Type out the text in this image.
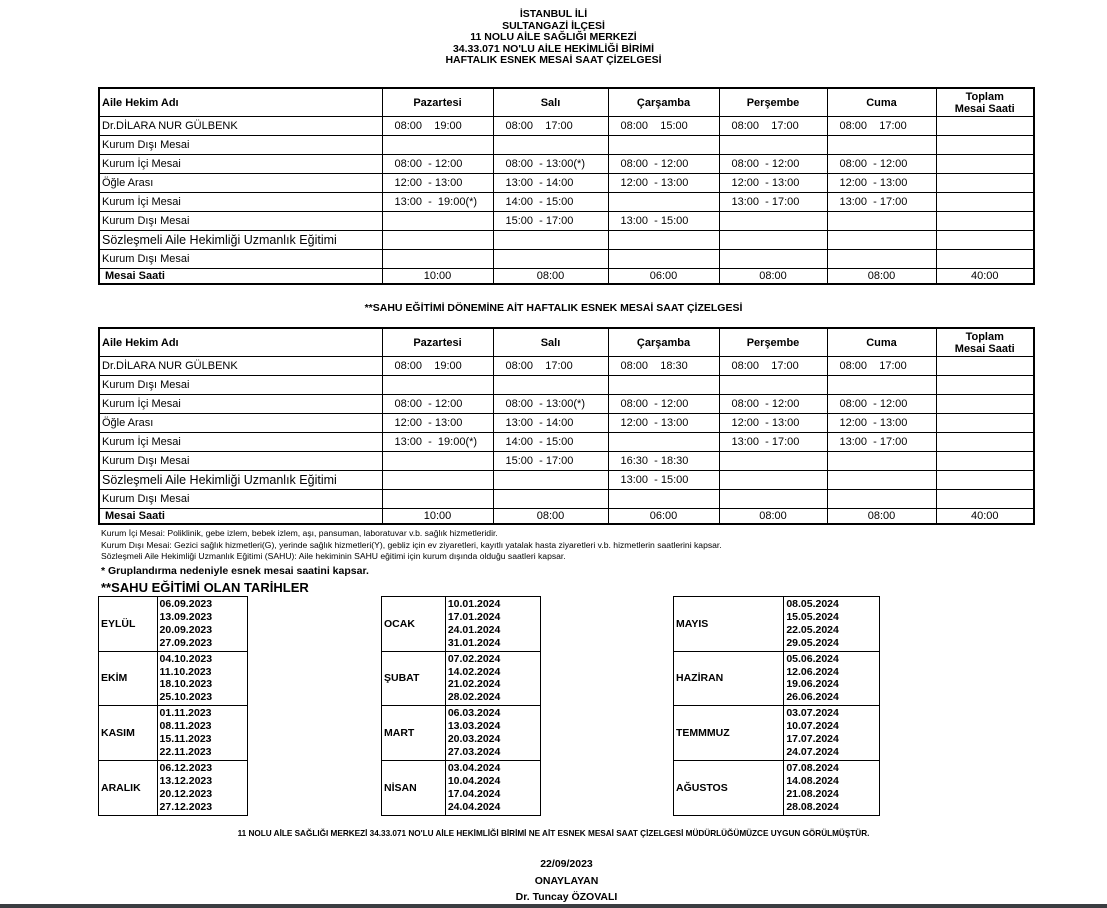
İSTANBUL İLİ
SULTANGAZİ İLÇESİ
11 NOLU AİLE SAĞLIĞI MERKEZİ
34.33.071 NO'LU AİLE HEKİMLİĞİ BİRİMİ
HAFTALIK ESNEK MESAİ SAAT ÇİZELGESİ
Aile Hekim Adı	Pazartesi	Salı	Çarşamba	Perşembe	Cuma	Toplam
Mesai Saati

Dr.DİLARA NUR GÜLBENK	08:00    19:00	08:00    17:00	08:00    15:00	08:00    17:00	08:00    17:00	
Kurum Dışı Mesai						
Kurum İçi Mesai	08:00  - 12:00	08:00  - 13:00(*)	08:00  - 12:00	08:00  - 12:00	08:00  - 12:00	
Öğle Arası	12:00  - 13:00	13:00  - 14:00	12:00  - 13:00	12:00  - 13:00	12:00  - 13:00	
Kurum İçi Mesai	13:00  -  19:00(*)	14:00  - 15:00		13:00  - 17:00	13:00  - 17:00	
Kurum Dışı Mesai		15:00  - 17:00	13:00  - 15:00			
Sözleşmeli Aile Hekimliği Uzmanlık Eğitimi						
Kurum Dışı Mesai						
Mesai Saati	10:00	08:00	06:00	08:00	08:00	40:00
**SAHU EĞİTİMİ DÖNEMİNE AİT HAFTALIK ESNEK MESAİ SAAT ÇİZELGESİ
Aile Hekim Adı	Pazartesi	Salı	Çarşamba	Perşembe	Cuma	Toplam
Mesai Saati

Dr.DİLARA NUR GÜLBENK	08:00    19:00	08:00    17:00	08:00    18:30	08:00    17:00	08:00    17:00	
Kurum Dışı Mesai						
Kurum İçi Mesai	08:00  - 12:00	08:00  - 13:00(*)	08:00  - 12:00	08:00  - 12:00	08:00  - 12:00	
Öğle Arası	12:00  - 13:00	13:00  - 14:00	12:00  - 13:00	12:00  - 13:00	12:00  - 13:00	
Kurum İçi Mesai	13:00  -  19:00(*)	14:00  - 15:00		13:00  - 17:00	13:00  - 17:00	
Kurum Dışı Mesai		15:00  - 17:00	16:30  - 18:30			
Sözleşmeli Aile Hekimliği Uzmanlık Eğitimi			13:00  - 15:00			
Kurum Dışı Mesai						
Mesai Saati	10:00	08:00	06:00	08:00	08:00	40:00
Kurum İçi Mesai: Poliklinik, gebe izlem, bebek izlem, aşı, pansuman, laboratuvar v.b. sağlık hizmetleridir.
Kurum Dışı Mesai: Gezici sağlık hizmetleri(G), yerinde sağlık hizmetleri(Y), gebliz için ev ziyaretleri, kayıtlı yatalak hasta ziyaretleri v.b. hizmetlerin saatlerini kapsar.
Sözleşmeli Aile Hekimliği Uzmanlık Eğitimi (SAHU): Aile hekiminin SAHU eğitimi için kurum dışında olduğu saatleri kapsar.
* Gruplandırma nedeniyle esnek mesai saatini kapsar.
**SAHU EĞİTİMİ OLAN TARİHLER
EYLÜL	06.09.2023
13.09.2023
20.09.2023
27.09.2023

EKİM	04.10.2023
11.10.2023
18.10.2023
25.10.2023

KASIM	01.11.2023
08.11.2023
15.11.2023
22.11.2023

ARALIK	06.12.2023
13.12.2023
20.12.2023
27.12.2023
OCAK	10.01.2024
17.01.2024
24.01.2024
31.01.2024

ŞUBAT	07.02.2024
14.02.2024
21.02.2024
28.02.2024

MART	06.03.2024
13.03.2024
20.03.2024
27.03.2024

NİSAN	03.04.2024
10.04.2024
17.04.2024
24.04.2024
MAYIS	08.05.2024
15.05.2024
22.05.2024
29.05.2024

HAZİRAN	05.06.2024
12.06.2024
19.06.2024
26.06.2024

TEMMMUZ	03.07.2024
10.07.2024
17.07.2024
24.07.2024

AĞUSTOS	07.08.2024
14.08.2024
21.08.2024
28.08.2024
11 NOLU AİLE SAĞLIĞI MERKEZİ 34.33.071 NO'LU AİLE HEKİMLİĞİ BİRİMİ NE AİT ESNEK MESAİ SAAT ÇİZELGESİ MÜDÜRLÜĞÜMÜZCE UYGUN GÖRÜLMÜŞTÜR.
22/09/2023
ONAYLAYAN
Dr. Tuncay ÖZOVALI
